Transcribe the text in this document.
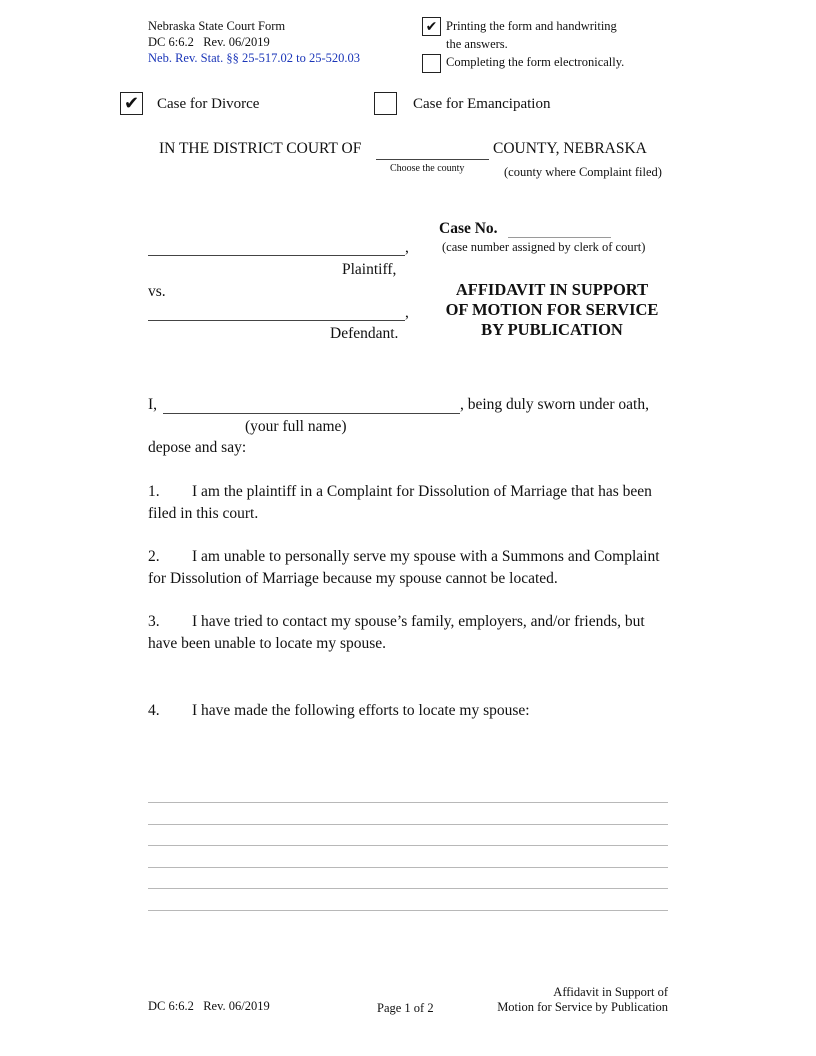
Nebraska State Court Form
DC 6:6.2 Rev. 06/2019
Neb. Rev. Stat. §§ 25-517.02 to 25-520.03
✔ Printing the form and handwriting
the answers.
Completing the form electronically.
✔ Case for Divorce	Case for Emancipation
IN THE DISTRICT COURT OF	COUNTY, NEBRASKA
Choose the county	(county where Complaint filed)
Case No.
(case number assigned by clerk of court)
,
Plaintiff,
vs.
,
Defendant.
AFFIDAVIT IN SUPPORT
OF MOTION FOR SERVICE
BY PUBLICATION
I,	, being duly sworn under oath,
(your full name)
depose and say:
1. I am the plaintiff in a Complaint for Dissolution of Marriage that has been filed in this court.
2. I am unable to personally serve my spouse with a Summons and Complaint for Dissolution of Marriage because my spouse cannot be located.
3. I have tried to contact my spouse’s family, employers, and/or friends, but have been unable to locate my spouse.
4. I have made the following efforts to locate my spouse:
DC 6:6.2 Rev. 06/2019	Page 1 of 2
Affidavit in Support of
Motion for Service by Publication
